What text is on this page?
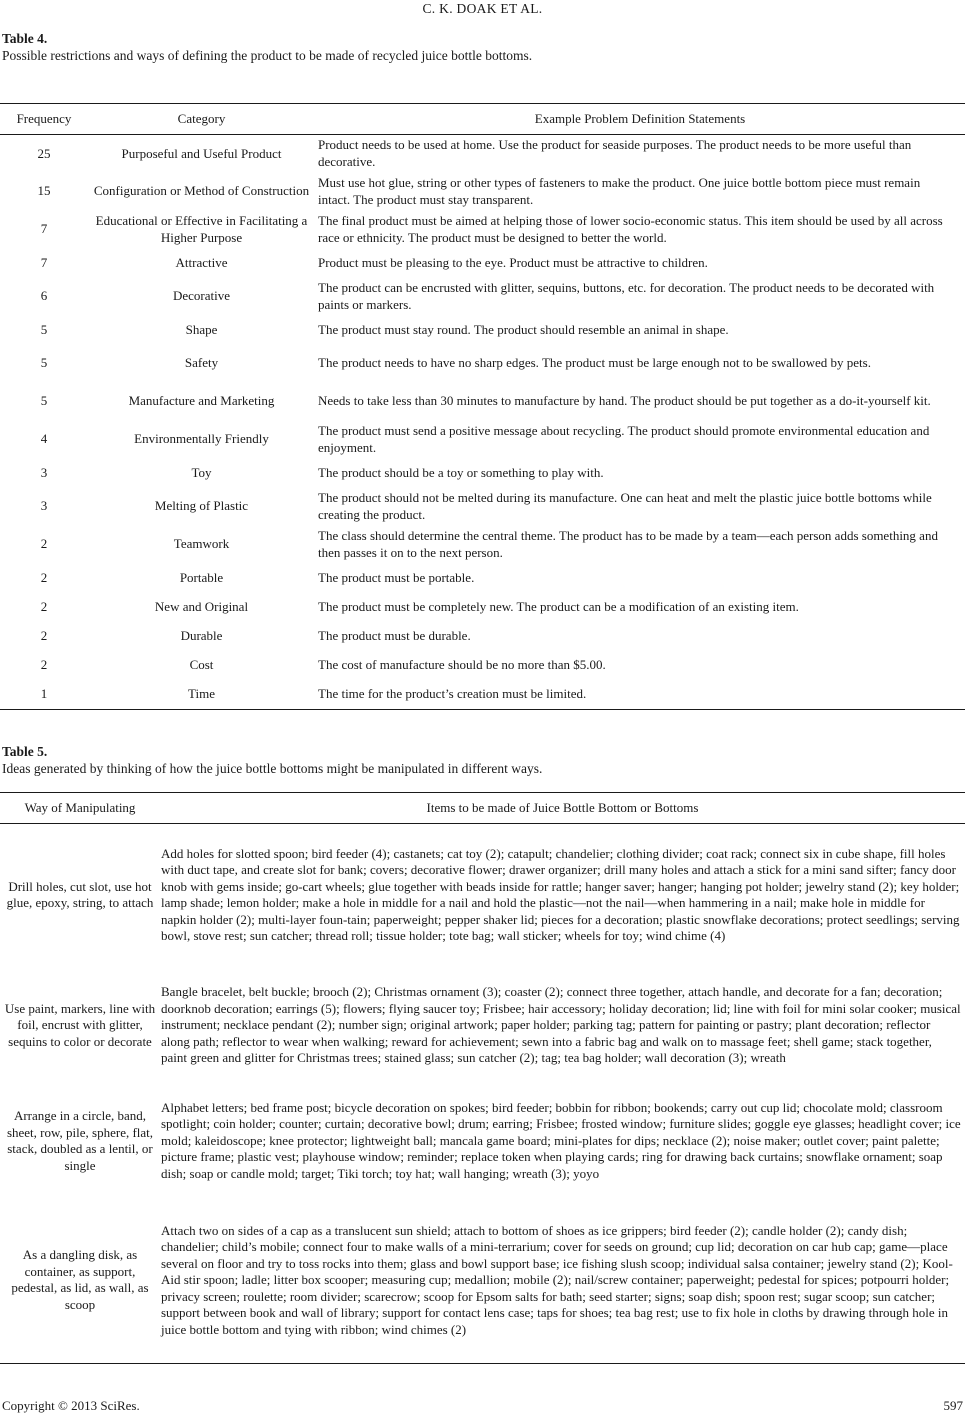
C. K. DOAK ET AL.
Table 4.
Possible restrictions and ways of defining the product to be made of recycled juice bottle bottoms.
Frequency	Category	Example Problem Definition Statements
25	Purposeful and Useful Product	Product needs to be used at home. Use the product for seaside purposes. The product needs to be more useful than decorative.
15	Configuration or Method of Construction	Must use hot glue, string or other types of fasteners to make the product. One juice bottle bottom piece must remain intact. The product must stay transparent.
7	Educational or Effective in Facilitating a Higher Purpose	The final product must be aimed at helping those of lower socio-economic status. This item should be used by all across race or ethnicity. The product must be designed to better the world.
7	Attractive	Product must be pleasing to the eye. Product must be attractive to children.
6	Decorative	The product can be encrusted with glitter, sequins, buttons, etc. for decoration. The product needs to be decorated with paints or markers.
5	Shape	The product must stay round. The product should resemble an animal in shape.
5	Safety	The product needs to have no sharp edges. The product must be large enough not to be swallowed by pets.
5	Manufacture and Marketing	Needs to take less than 30 minutes to manufacture by hand. The product should be put together as a do-it-yourself kit.
4	Environmentally Friendly	The product must send a positive message about recycling. The product should promote environmental education and enjoyment.
3	Toy	The product should be a toy or something to play with.
3	Melting of Plastic	The product should not be melted during its manufacture. One can heat and melt the plastic juice bottle bottoms while creating the product.
2	Teamwork	The class should determine the central theme. The product has to be made by a team—each person adds something and then passes it on to the next person.
2	Portable	The product must be portable.
2	New and Original	The product must be completely new. The product can be a modification of an existing item.
2	Durable	The product must be durable.
2	Cost	The cost of manufacture should be no more than $5.00.
1	Time	The time for the product’s creation must be limited.
Table 5.
Ideas generated by thinking of how the juice bottle bottoms might be manipulated in different ways.
Way of Manipulating	Items to be made of Juice Bottle Bottom or Bottoms
Drill holes, cut slot, use hot glue, epoxy, string, to attach	Add holes for slotted spoon; bird feeder (4); castanets; cat toy (2); catapult; chandelier; clothing divider; coat rack; connect six in cube shape, fill holes with duct tape, and create slot for bank; covers; decorative flower; drawer organizer; drill many holes and attach a stick for a mini sand sifter; fancy door knob with gems inside; go-cart wheels; glue together with beads inside for rattle; hanger saver; hanger; hanging pot holder; jewelry stand (2); key holder; lamp shade; lemon holder; make a hole in middle for a nail and hold the plastic—not the nail—when hammering in a nail; make hole in middle for napkin holder (2); multi-layer foun-tain; paperweight; pepper shaker lid; pieces for a decoration; plastic snowflake decorations; protect seedlings; serving bowl, stove rest; sun catcher; thread roll; tissue holder; tote bag; wall sticker; wheels for toy; wind chime (4)
Use paint, markers, line with foil, encrust with glitter, sequins to color or decorate	Bangle bracelet, belt buckle; brooch (2); Christmas ornament (3); coaster (2); connect three together, attach handle, and decorate for a fan; decoration; doorknob decoration; earrings (5); flowers; flying saucer toy; Frisbee; hair accessory; holiday decoration; lid; line with foil for mini solar cooker; musical instrument; necklace pendant (2); number sign; original artwork; paper holder; parking tag; pattern for painting or pastry; plant decoration; reflector along path; reflector to wear when walking; reward for achievement; sewn into a fabric bag and walk on to massage feet; shell game; stack together, paint green and glitter for Christmas trees; stained glass; sun catcher (2); tag; tea bag holder; wall decoration (3); wreath
Arrange in a circle, band, sheet, row, pile, sphere, flat, stack, doubled as a lentil, or single	Alphabet letters; bed frame post; bicycle decoration on spokes; bird feeder; bobbin for ribbon; bookends; carry out cup lid; chocolate mold; classroom spotlight; coin holder; counter; curtain; decorative bowl; drum; earring; Frisbee; frosted window; furniture slides; goggle eye glasses; headlight cover; ice mold; kaleidoscope; knee protector; lightweight ball; mancala game board; mini-plates for dips; necklace (2); noise maker; outlet cover; paint palette; picture frame; plastic vest; playhouse window; reminder; replace token when playing cards; ring for drawing back curtains; snowflake ornament; soap dish; soap or candle mold; target; Tiki torch; toy hat; wall hanging; wreath (3); yoyo
As a dangling disk, as container, as support, pedestal, as lid, as wall, as scoop	Attach two on sides of a cap as a translucent sun shield; attach to bottom of shoes as ice grippers; bird feeder (2); candle holder (2); candy dish; chandelier; child’s mobile; connect four to make walls of a mini-terrarium; cover for seeds on ground; cup lid; decoration on car hub cap; game—place several on floor and try to toss rocks into them; glass and bowl support base; ice fishing slush scoop; individual salsa container; jewelry stand (2); Kool-Aid stir spoon; ladle; litter box scooper; measuring cup; medallion; mobile (2); nail/screw container; paperweight; pedestal for spices; potpourri holder; privacy screen; roulette; room divider; scarecrow; scoop for Epsom salts for bath; seed starter; signs; soap dish; spoon rest; sugar scoop; sun catcher; support between book and wall of library; support for contact lens case; taps for shoes; tea bag rest; use to fix hole in cloths by drawing through hole in juice bottle bottom and tying with ribbon; wind chimes (2)
Copyright © 2013 SciRes.	597
